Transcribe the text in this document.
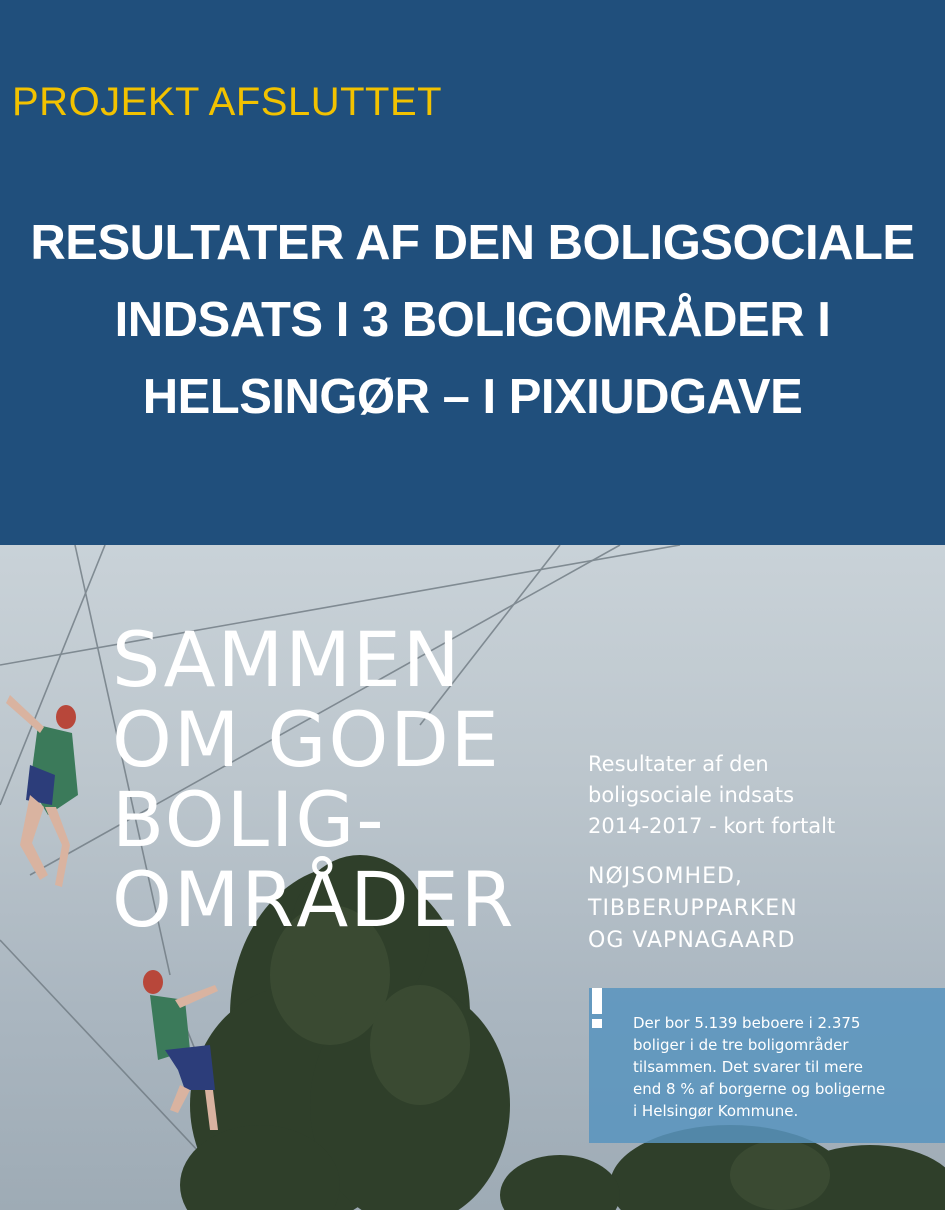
PROJEKT AFSLUTTET
RESULTATER AF DEN BOLIGSOCIALE
INDSATS I 3 BOLIGOMRÅDER I
HELSINGØR – I PIXIUDGAVE
SAMMEN
OM GODE
BOLIG-
OMRÅDER
Resultater af den
boligsociale indsats
2014-2017 - kort fortalt
NØJSOMHED,
TIBBERUPPARKEN
OG VAPNAGAARD
Der bor 5.139 beboere i 2.375
boliger i de tre boligområder
tilsammen. Det svarer til mere
end 8 % af borgerne og boligerne
i Helsingør Kommune.
